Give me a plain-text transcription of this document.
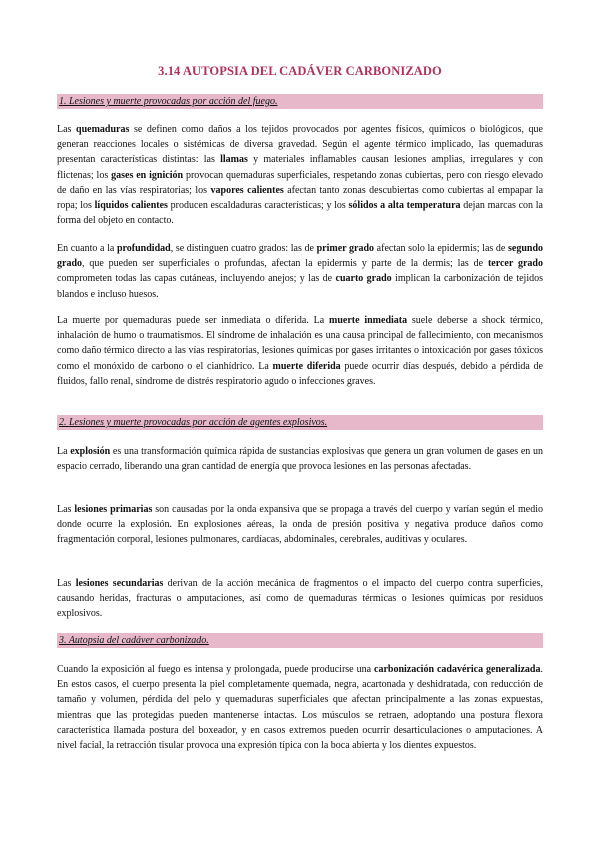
3.14 AUTOPSIA DEL CADÁVER CARBONIZADO
1. Lesiones y muerte provocadas por acción del fuego.
Las quemaduras se definen como daños a los tejidos provocados por agentes físicos, químicos o biológicos, que generan reacciones locales o sistémicas de diversa gravedad. Según el agente térmico implicado, las quemaduras presentan características distintas: las llamas y materiales inflamables causan lesiones amplias, irregulares y con flictenas; los gases en ignición provocan quemaduras superficiales, respetando zonas cubiertas, pero con riesgo elevado de daño en las vías respiratorias; los vapores calientes afectan tanto zonas descubiertas como cubiertas al empapar la ropa; los líquidos calientes producen escaldaduras características; y los sólidos a alta temperatura dejan marcas con la forma del objeto en contacto.
En cuanto a la profundidad, se distinguen cuatro grados: las de primer grado afectan solo la epidermis; las de segundo grado, que pueden ser superficiales o profundas, afectan la epidermis y parte de la dermis; las de tercer grado comprometen todas las capas cutáneas, incluyendo anejos; y las de cuarto grado implican la carbonización de tejidos blandos e incluso huesos.
La muerte por quemaduras puede ser inmediata o diferida. La muerte inmediata suele deberse a shock térmico, inhalación de humo o traumatismos. El síndrome de inhalación es una causa principal de fallecimiento, con mecanismos como daño térmico directo a las vías respiratorias, lesiones químicas por gases irritantes o intoxicación por gases tóxicos como el monóxido de carbono o el cianhídrico. La muerte diferida puede ocurrir días después, debido a pérdida de fluidos, fallo renal, síndrome de distrés respiratorio agudo o infecciones graves.
2. Lesiones y muerte provocadas por acción de agentes explosivos.
La explosión es una transformación química rápida de sustancias explosivas que genera un gran volumen de gases en un espacio cerrado, liberando una gran cantidad de energía que provoca lesiones en las personas afectadas.
Las lesiones primarias son causadas por la onda expansiva que se propaga a través del cuerpo y varían según el medio donde ocurre la explosión. En explosiones aéreas, la onda de presión positiva y negativa produce daños como fragmentación corporal, lesiones pulmonares, cardíacas, abdominales, cerebrales, auditivas y oculares.
Las lesiones secundarias derivan de la acción mecánica de fragmentos o el impacto del cuerpo contra superficies, causando heridas, fracturas o amputaciones, así como de quemaduras térmicas o lesiones químicas por residuos explosivos.
3. Autopsia del cadáver carbonizado.
Cuando la exposición al fuego es intensa y prolongada, puede producirse una carbonización cadavérica generalizada. En estos casos, el cuerpo presenta la piel completamente quemada, negra, acartonada y deshidratada, con reducción de tamaño y volumen, pérdida del pelo y quemaduras superficiales que afectan principalmente a las zonas expuestas, mientras que las protegidas pueden mantenerse intactas. Los músculos se retraen, adoptando una postura flexora característica llamada postura del boxeador, y en casos extremos pueden ocurrir desarticulaciones o amputaciones. A nivel facial, la retracción tisular provoca una expresión típica con la boca abierta y los dientes expuestos.
